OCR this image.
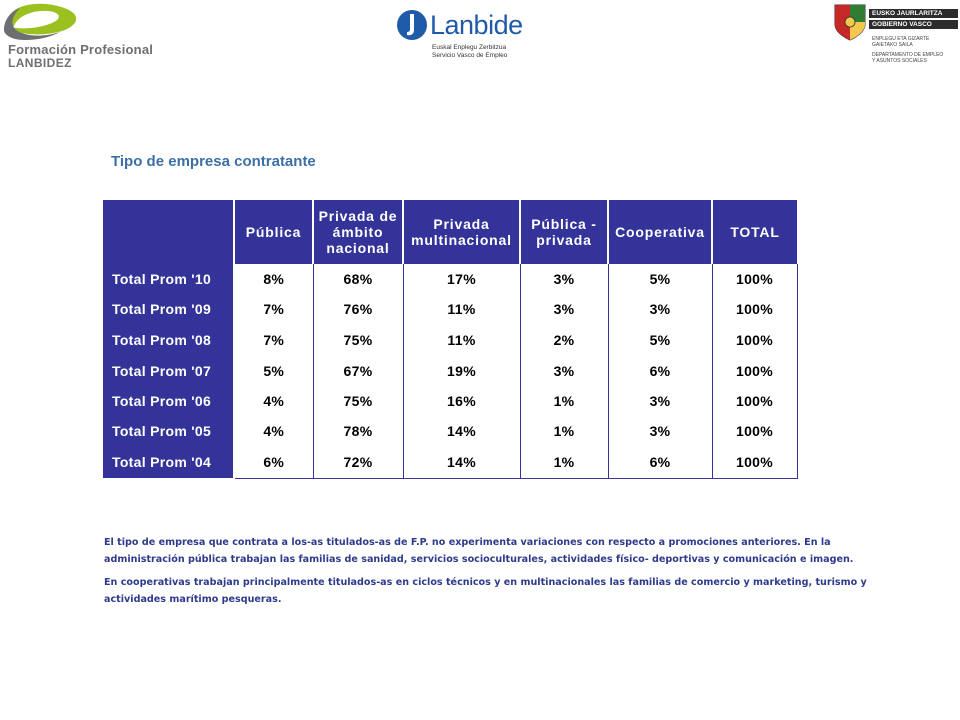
Formación Profesional
LANBIDEZ
Lanbide
Euskal Enplegu Zerbitzua
Servicio Vasco de Empleo
EUSKO JAURLARITZA
GOBIERNO VASCO
ENPLEGU ETA GIZARTE
GAIETAKO SAILA
DEPARTAMENTO DE EMPLEO
Y ASUNTOS SOCIALES
Tipo de empresa contratante
	Pública	Privada de ámbito nacional	Privada multinacional	Pública - privada	Cooperativa	TOTAL
Total Prom '10	8%	68%	17%	3%	5%	100%
Total Prom '09	7%	76%	11%	3%	3%	100%
Total Prom '08	7%	75%	11%	2%	5%	100%
Total Prom '07	5%	67%	19%	3%	6%	100%
Total Prom '06	4%	75%	16%	1%	3%	100%
Total Prom '05	4%	78%	14%	1%	3%	100%
Total Prom '04	6%	72%	14%	1%	6%	100%

El tipo de empresa que contrata a los-as titulados-as de F.P. no experimenta variaciones con respecto a promociones anteriores. En la administración pública trabajan las familias de sanidad, servicios socioculturales, actividades físico- deportivas y comunicación e imagen.

En cooperativas trabajan principalmente titulados-as en ciclos técnicos y en multinacionales las familias de comercio y marketing, turismo y actividades marítimo pesqueras.
